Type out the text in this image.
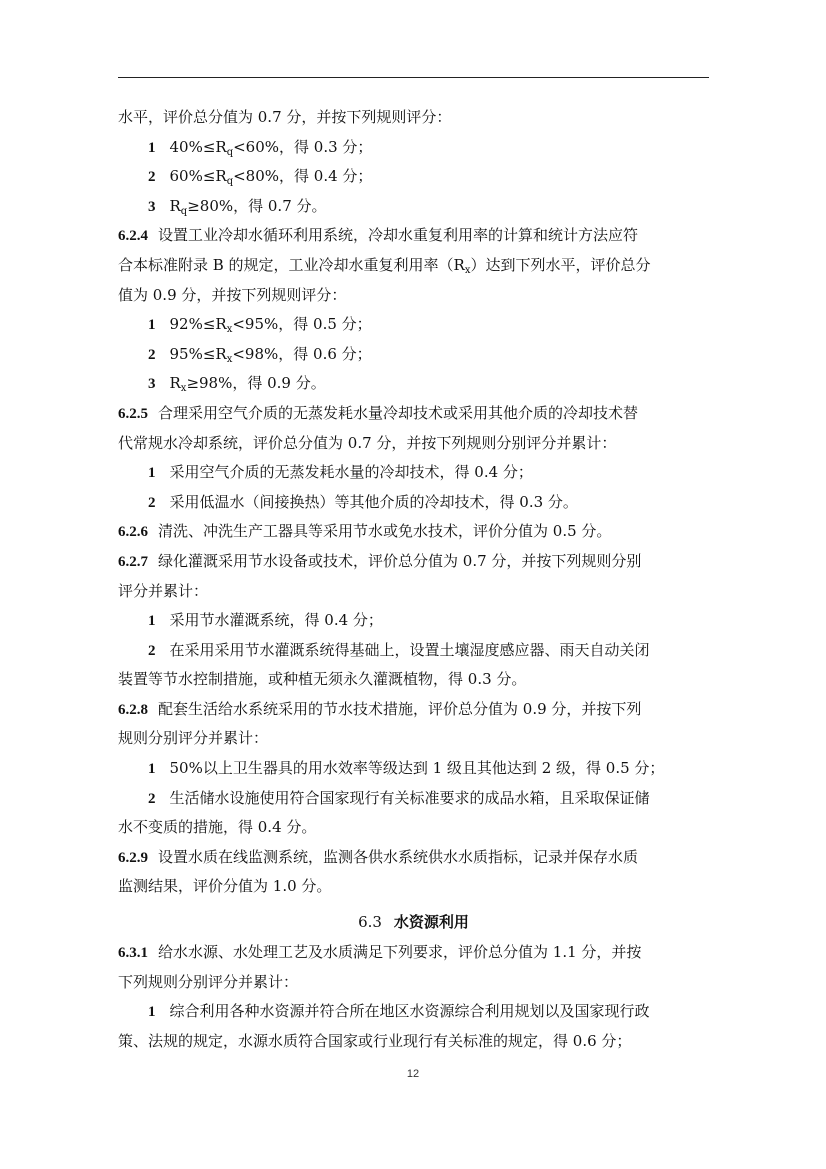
水平，评价总分值为 0.7 分，并按下列规则评分：
1 $40\%\le R_q<60\%$，得 0.3 分；
2 $60\%\le R_q<80\%$，得 0.4 分；
3 $R_q\ge 80\%$，得 0.7 分。
6.2.4 设置工业冷却水循环利用系统，冷却水重复利用率的计算和统计方法应符
合本标准附录 B 的规定，工业冷却水重复利用率$(R_x)$达到下列水平，评价总分
值为 0.9 分，并按下列规则评分：
1 $92\%\le R_x<95\%$，得 0.5 分；
2 $95\%\le R_x<98\%$，得 0.6 分；
3 $R_x\ge 98\%$，得 0.9 分。
6.2.5 合理采用空气介质的无蒸发耗水量冷却技术或采用其他介质的冷却技术替
代常规水冷却系统，评价总分值为 0.7 分，并按下列规则分别评分并累计：
1 采用空气介质的无蒸发耗水量的冷却技术，得 0.4 分；
2 采用低温水（间接换热）等其他介质的冷却技术，得 0.3 分。
6.2.6 清洗、冲洗生产工器具等采用节水或免水技术，评价分值为 0.5 分。
6.2.7 绿化灌溉采用节水设备或技术，评价总分值为 0.7 分，并按下列规则分别
评分并累计：
1 采用节水灌溉系统，得 0.4 分；
2 在采用采用节水灌溉系统得基础上，设置土壤湿度感应器、雨天自动关闭
装置等节水控制措施，或种植无须永久灌溉植物，得 0.3 分。
6.2.8 配套生活给水系统采用的节水技术措施，评价总分值为 0.9 分，并按下列
规则分别评分并累计：
1 50%以上卫生器具的用水效率等级达到 1 级且其他达到 2 级，得 0.5 分；
2 生活储水设施使用符合国家现行有关标准要求的成品水箱，且采取保证储
水不变质的措施，得 0.4 分。
6.2.9 设置水质在线监测系统，监测各供水系统供水水质指标，记录并保存水质
监测结果，评价分值为 1.0 分。
6.3 水资源利用
6.3.1 给水水源、水处理工艺及水质满足下列要求，评价总分值为 1.1 分，并按
下列规则分别评分并累计：
1 综合利用各种水资源并符合所在地区水资源综合利用规划以及国家现行政
策、法规的规定，水源水质符合国家或行业现行有关标准的规定，得 0.6 分；
12
